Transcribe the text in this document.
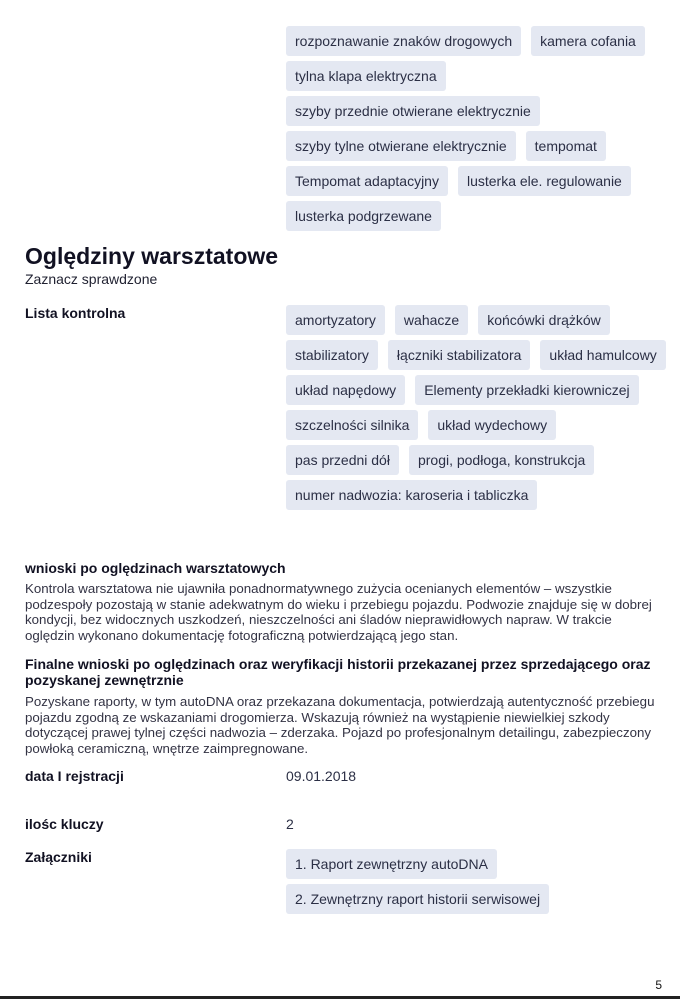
rozpoznawanie znaków drogowych	kamera cofania
tylna klapa elektryczna
szyby przednie otwierane elektrycznie
szyby tylne otwierane elektrycznie	tempomat
Tempomat adaptacyjny	lusterka ele. regulowanie
lusterka podgrzewane
Oględziny warsztatowe
Zaznacz sprawdzone
Lista kontrolna	amortyzatory	wahacze	końcówki drążków
stabilizatory	łączniki stabilizatora	układ hamulcowy
układ napędowy	Elementy przekładki kierowniczej
szczelności silnika	układ wydechowy
pas przedni dół	progi, podłoga, konstrukcja
numer nadwozia: karoseria i tabliczka
wnioski po oględzinach warsztatowych
Kontrola warsztatowa nie ujawniła ponadnormatywnego zużycia ocenianych elementów – wszystkie podzespoły pozostają w stanie adekwatnym do wieku i przebiegu pojazdu. Podwozie znajduje się w dobrej kondycji, bez widocznych uszkodzeń, nieszczelności ani śladów nieprawidłowych napraw. W trakcie oględzin wykonano dokumentację fotograficzną potwierdzającą jego stan.
Finalne wnioski po oględzinach oraz weryfikacji historii przekazanej przez sprzedającego oraz pozyskanej zewnętrznie
Pozyskane raporty, w tym autoDNA oraz przekazana dokumentacja, potwierdzają autentyczność przebiegu pojazdu zgodną ze wskazaniami drogomierza. Wskazują również na wystąpienie niewielkiej szkody dotyczącej prawej tylnej części nadwozia – zderzaka. Pojazd po profesjonalnym detailingu, zabezpieczony powłoką ceramiczną, wnętrze zaimpregnowane.
data I rejstracji	09.01.2018
ilośc kluczy	2
Załączniki	1. Raport zewnętrzny autoDNA
2. Zewnętrzny raport historii serwisowej
5
